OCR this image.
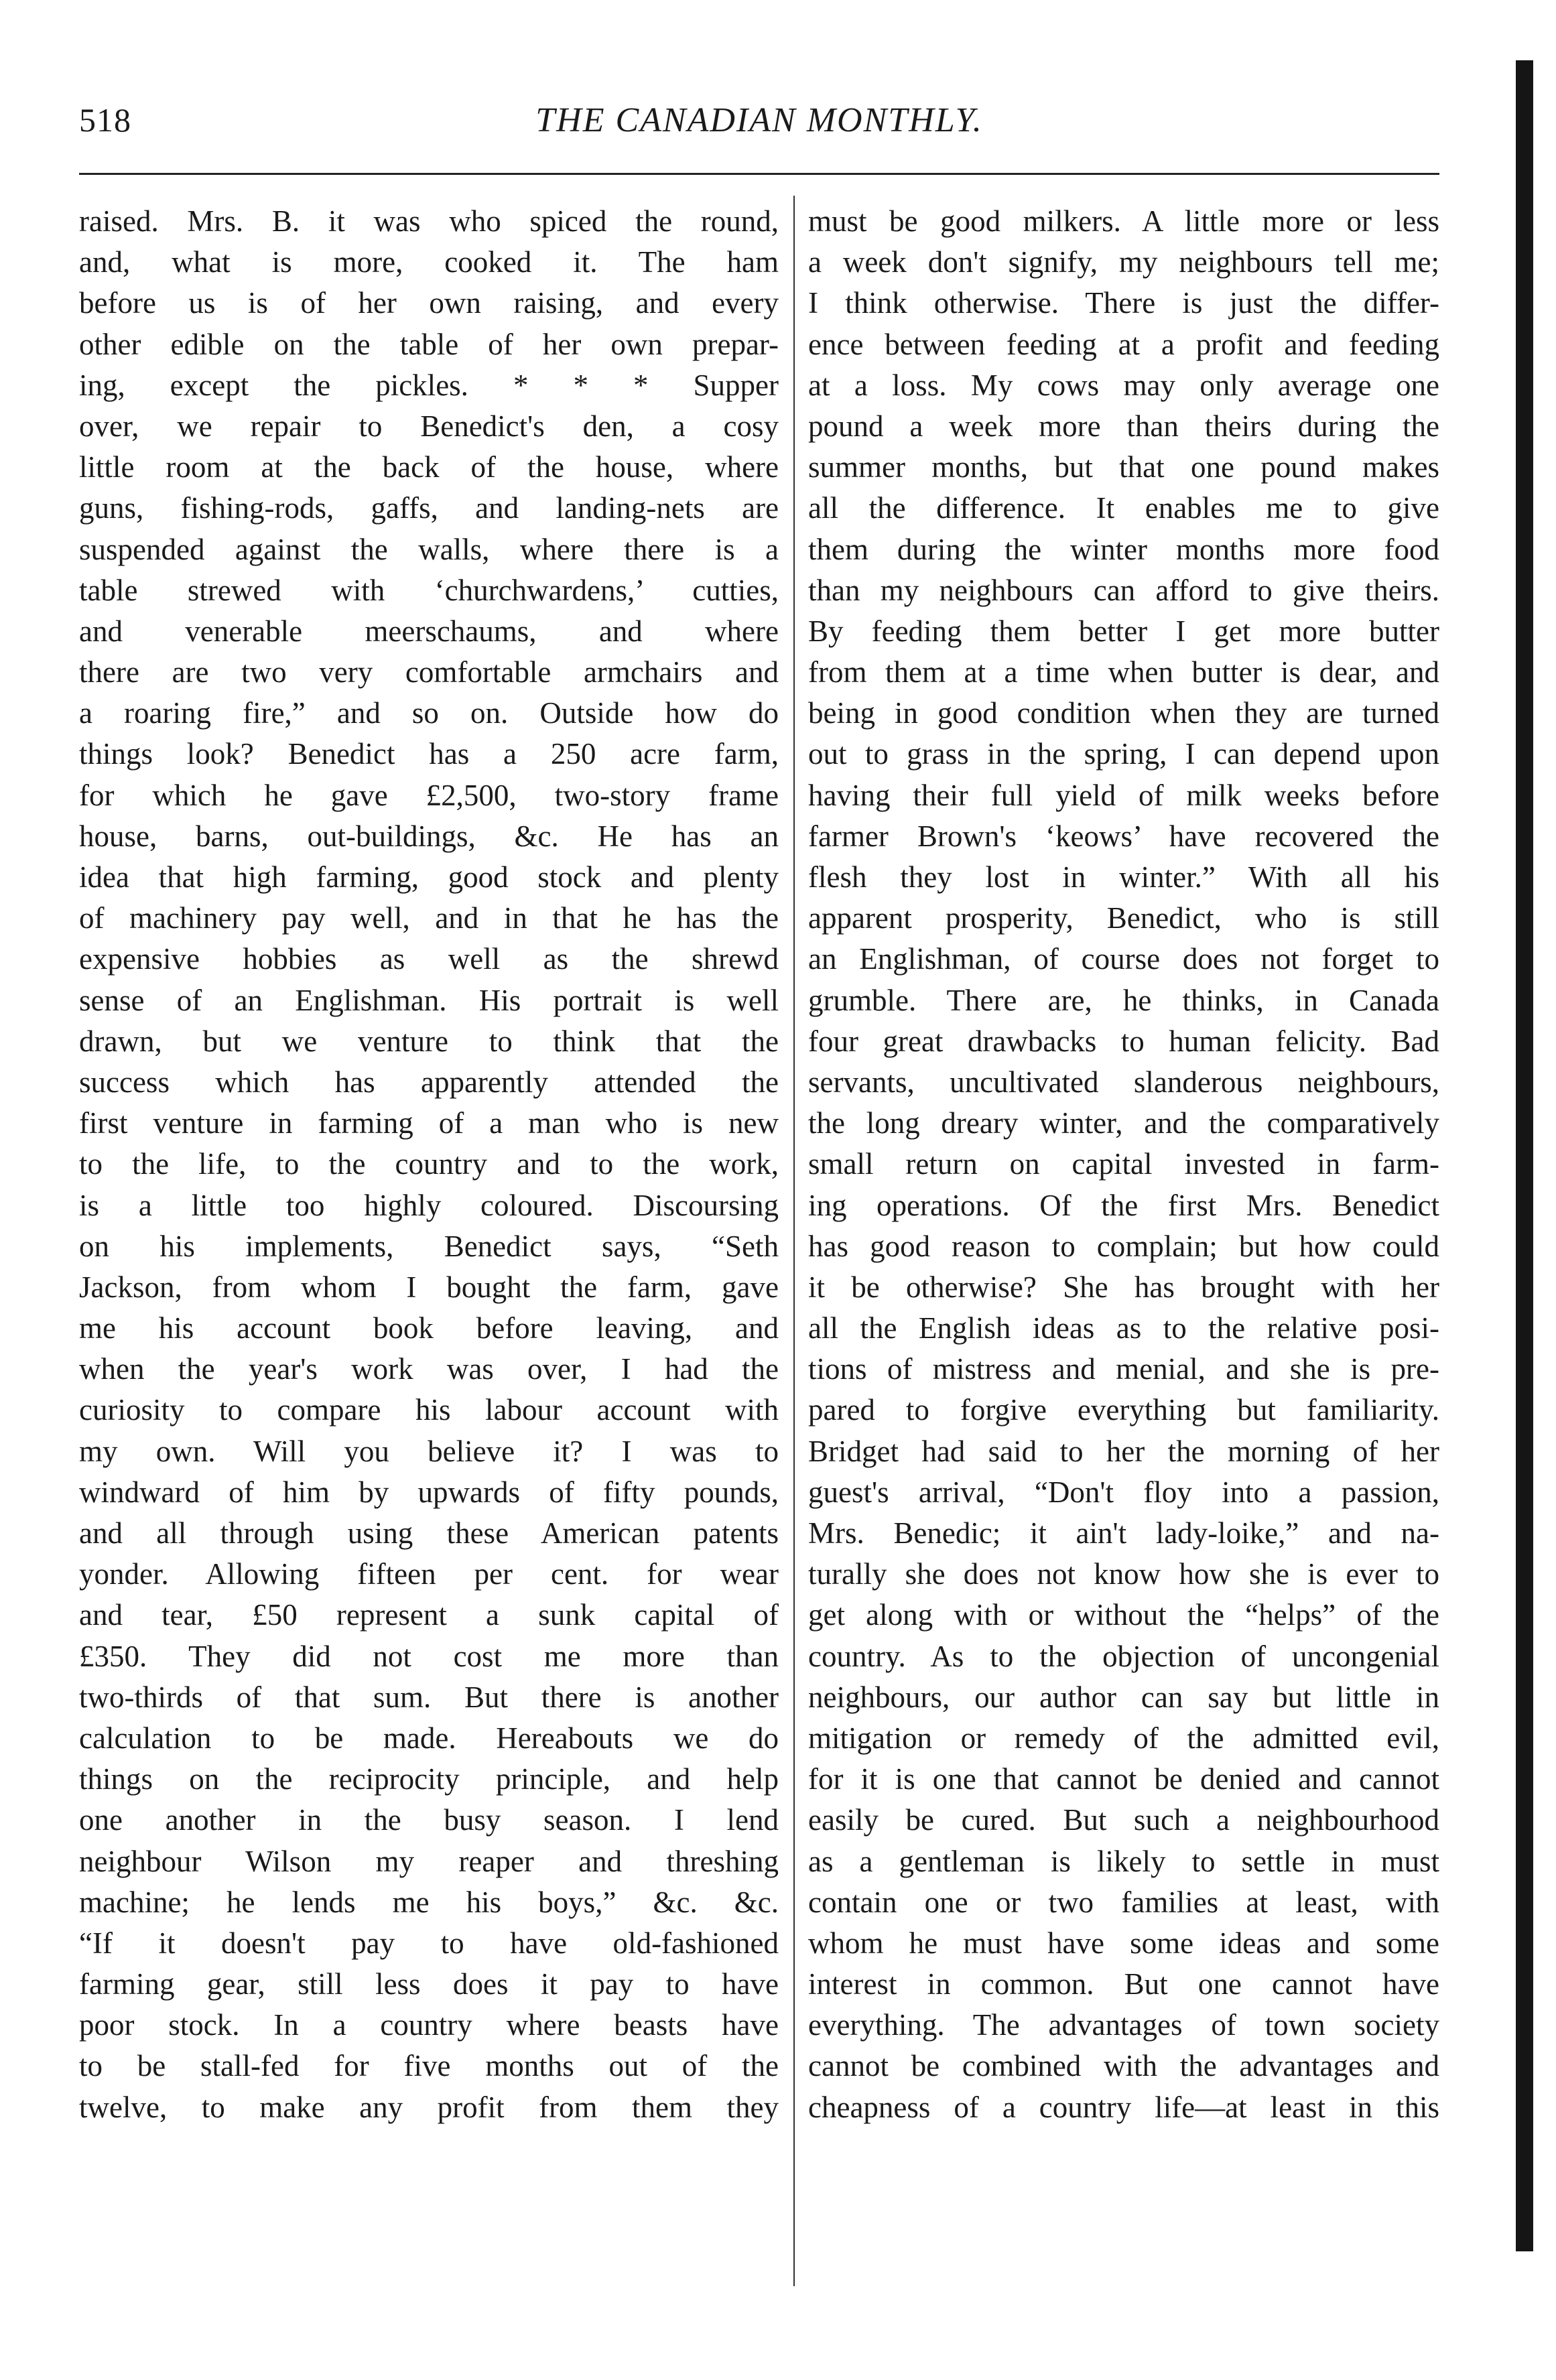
518	THE CANADIAN MONTHLY.
raised. Mrs. B. it was who spiced the round,
and, what is more, cooked it. The ham
before us is of her own raising, and every
other edible on the table of her own prepar-
ing, except the pickles. * * * Supper
over, we repair to Benedict's den, a cosy
little room at the back of the house, where
guns, fishing-rods, gaffs, and landing-nets are
suspended against the walls, where there is a
table strewed with ‘churchwardens,’ cutties,
and venerable meerschaums, and where
there are two very comfortable armchairs and
a roaring fire,” and so on. Outside how do
things look? Benedict has a 250 acre farm,
for which he gave £2,500, two-story frame
house, barns, out-buildings, &c. He has an
idea that high farming, good stock and plenty
of machinery pay well, and in that he has the
expensive hobbies as well as the shrewd
sense of an Englishman. His portrait is well
drawn, but we venture to think that the
success which has apparently attended the
first venture in farming of a man who is new
to the life, to the country and to the work,
is a little too highly coloured. Discoursing
on his implements, Benedict says, “Seth
Jackson, from whom I bought the farm, gave
me his account book before leaving, and
when the year's work was over, I had the
curiosity to compare his labour account with
my own. Will you believe it? I was to
windward of him by upwards of fifty pounds,
and all through using these American patents
yonder. Allowing fifteen per cent. for wear
and tear, £50 represent a sunk capital of
£350. They did not cost me more than
two-thirds of that sum. But there is another
calculation to be made. Hereabouts we do
things on the reciprocity principle, and help
one another in the busy season. I lend
neighbour Wilson my reaper and threshing
machine; he lends me his boys,” &c. &c.
“If it doesn't pay to have old-fashioned
farming gear, still less does it pay to have
poor stock. In a country where beasts have
to be stall-fed for five months out of the
twelve, to make any profit from them they
must be good milkers. A little more or less
a week don't signify, my neighbours tell me;
I think otherwise. There is just the differ-
ence between feeding at a profit and feeding
at a loss. My cows may only average one
pound a week more than theirs during the
summer months, but that one pound makes
all the difference. It enables me to give
them during the winter months more food
than my neighbours can afford to give theirs.
By feeding them better I get more butter
from them at a time when butter is dear, and
being in good condition when they are turned
out to grass in the spring, I can depend upon
having their full yield of milk weeks before
farmer Brown's ‘keows’ have recovered the
flesh they lost in winter.” With all his
apparent prosperity, Benedict, who is still
an Englishman, of course does not forget to
grumble. There are, he thinks, in Canada
four great drawbacks to human felicity. Bad
servants, uncultivated slanderous neighbours,
the long dreary winter, and the comparatively
small return on capital invested in farm-
ing operations. Of the first Mrs. Benedict
has good reason to complain; but how could
it be otherwise? She has brought with her
all the English ideas as to the relative posi-
tions of mistress and menial, and she is pre-
pared to forgive everything but familiarity.
Bridget had said to her the morning of her
guest's arrival, “Don't floy into a passion,
Mrs. Benedic; it ain't lady-loike,” and na-
turally she does not know how she is ever to
get along with or without the “helps” of the
country. As to the objection of uncongenial
neighbours, our author can say but little in
mitigation or remedy of the admitted evil,
for it is one that cannot be denied and cannot
easily be cured. But such a neighbourhood
as a gentleman is likely to settle in must
contain one or two families at least, with
whom he must have some ideas and some
interest in common. But one cannot have
everything. The advantages of town society
cannot be combined with the advantages and
cheapness of a country life—at least in this
